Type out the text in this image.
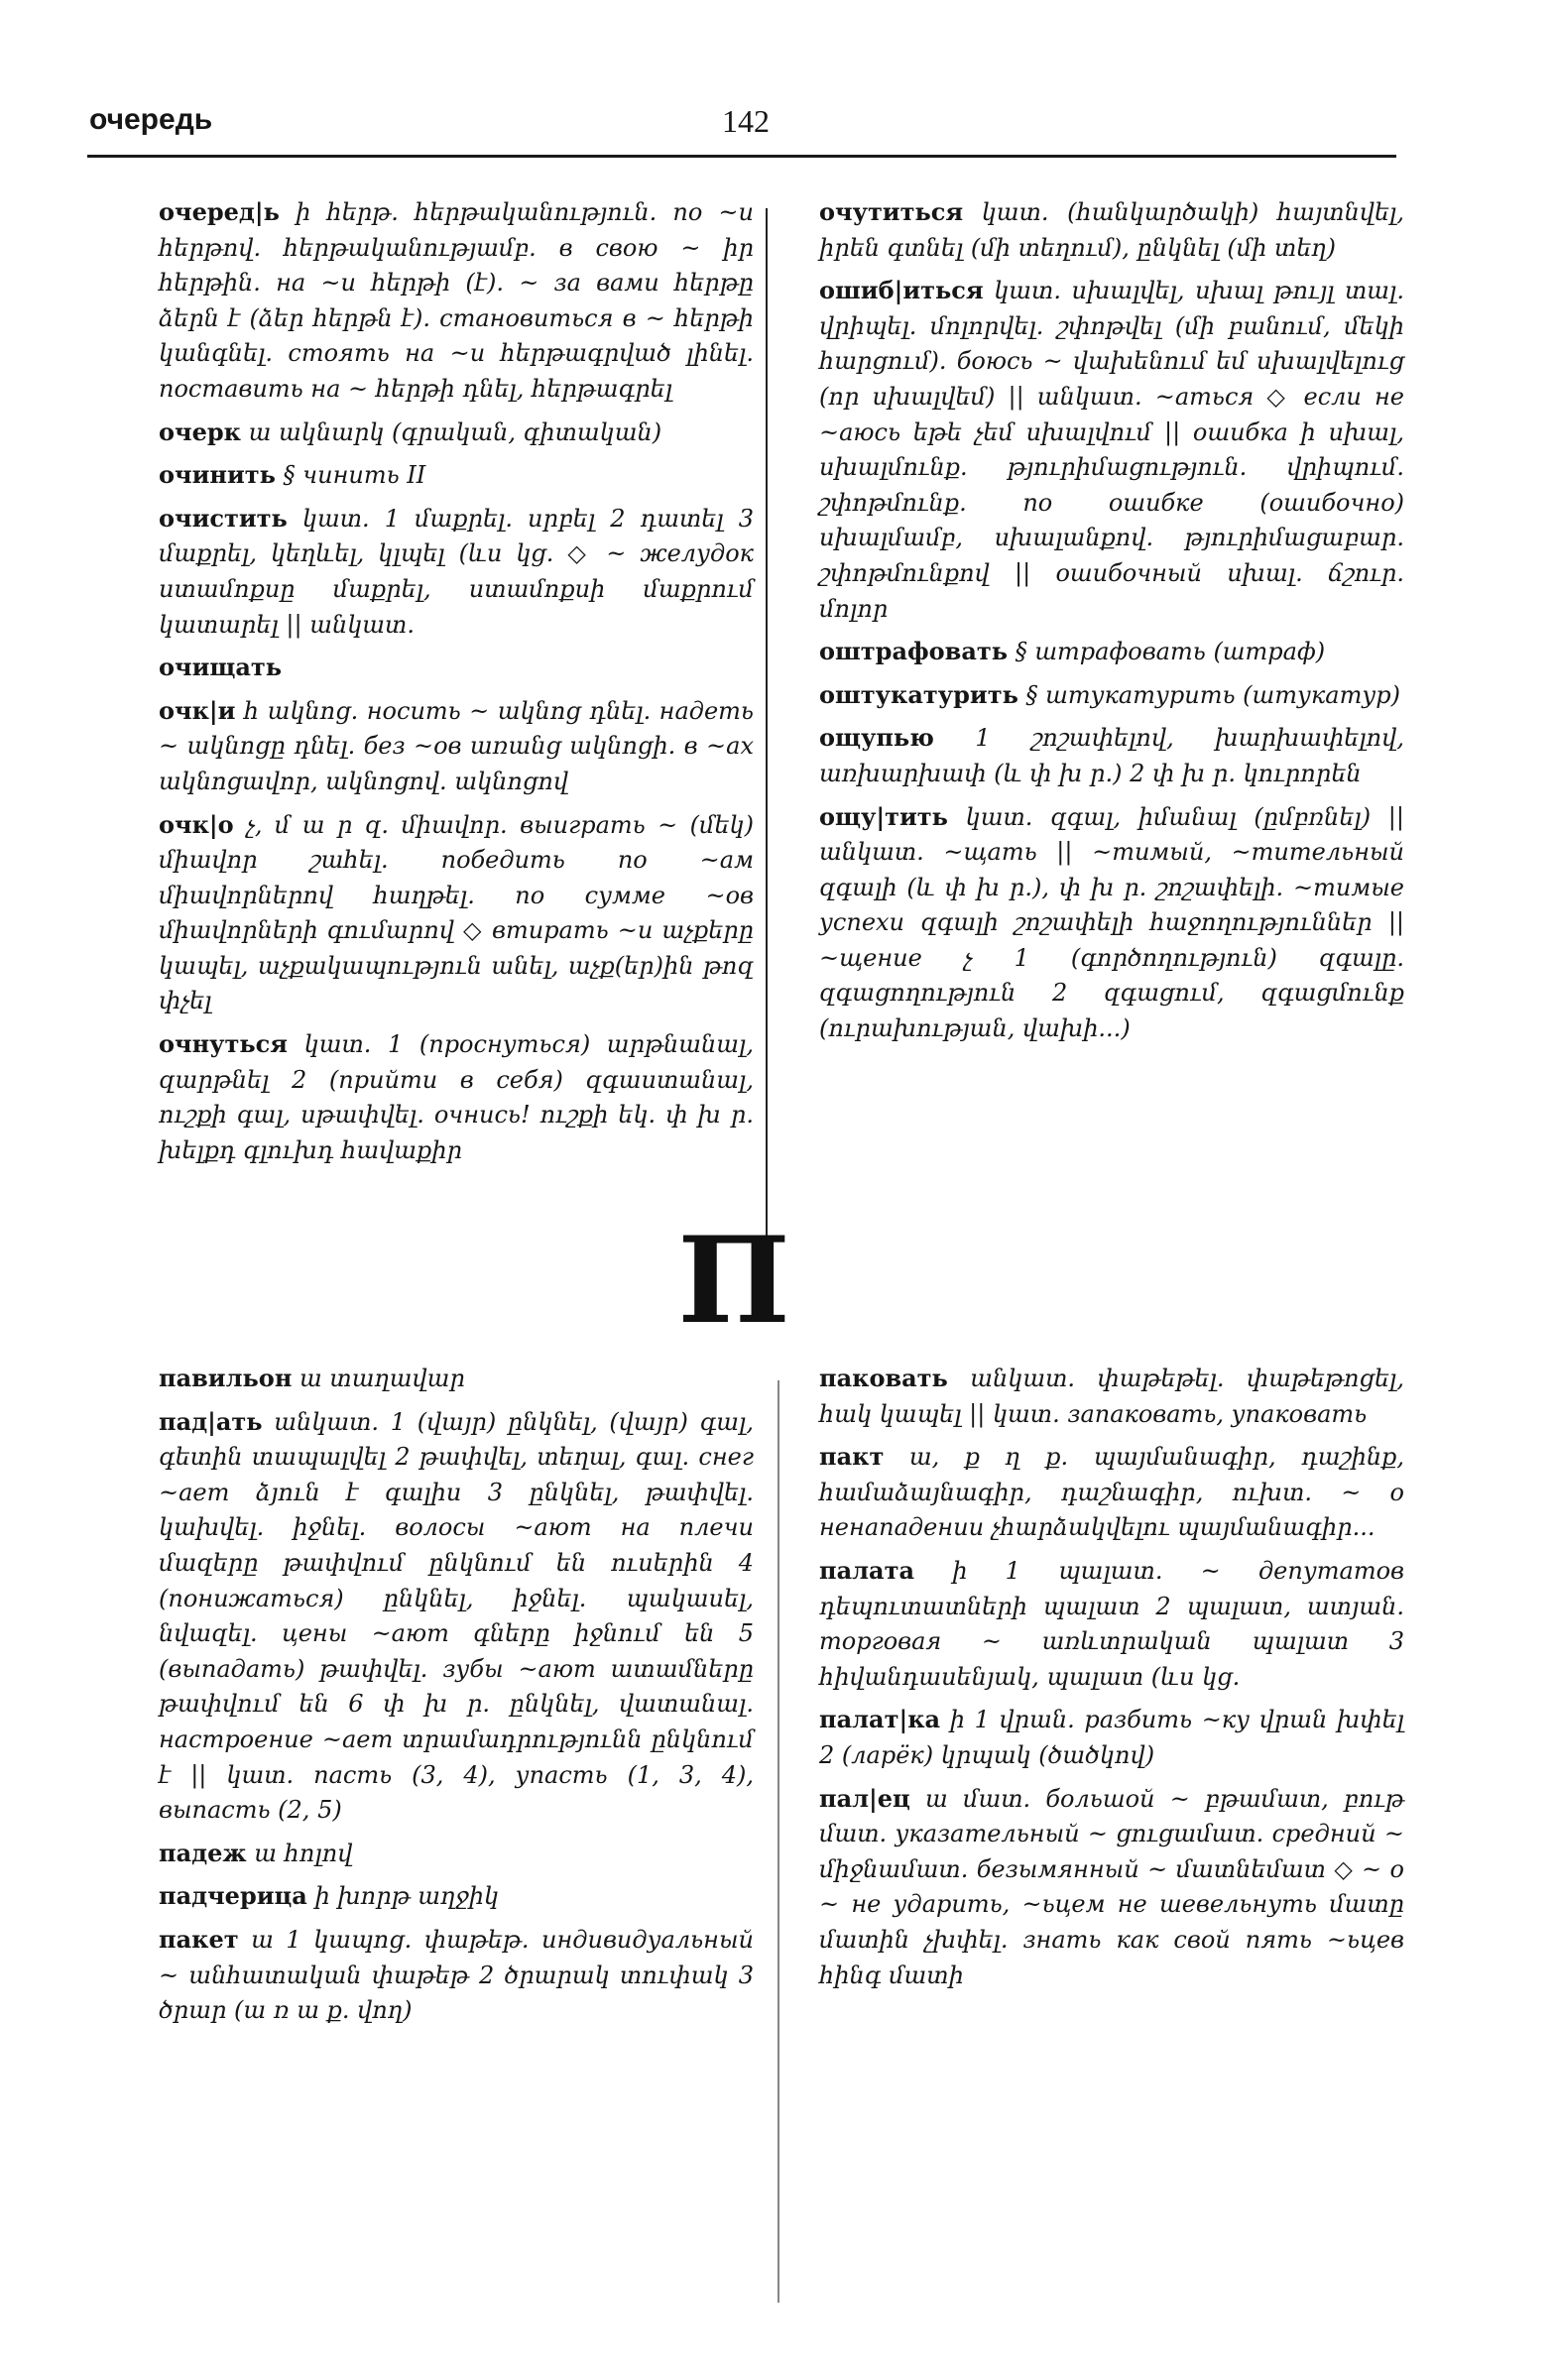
очередь	142

очеред|ь ի հերթ. հերթականություն. по ~и հերթով. հերթականությամբ. в свою ~ իր հերթին. на ~и հերթի (է). ~ за вами հերթը ձերն է (ձեր հերթն է). становиться в ~ հերթի կանգնել. стоять на ~и հերթագրված լինել. поставить на ~ հերթի դնել, հերթագրել

очерк ա ակնարկ (գրական, գիտական)

очинить § чинить II

очистить կատ. 1 մաքրել. սրբել 2 դատել 3 մաքրել, կեղևել, կլպել (ևս կց. ◇ ~ желудок ստամոքսը մաքրել, ստամոքսի մաքրում կատարել || անկատ.

очищать

очк|и հ ակնոց. носить ~ ակնոց դնել. надеть ~ ակնոցը դնել. без ~ов առանց ակնոցի. в ~ах ակնոցավոր, ակնոցով. ակնոցով

очк|о չ, մ ա ր զ. միավոր. выиграть ~ (մեկ) միավոր շահել. победить по ~ам միավորներով հաղթել. по сумме ~ов միավորների գումարով ◇ втирать ~и աչքերը կապել, աչքակապություն անել, աչք(եր)ին թոզ փչել

очнуться կատ. 1 (проснуться) արթնանալ, զարթնել 2 (прийти в себя) զգաստանալ, ուշքի գալ, սթափվել. очнись! ուշքի եկ. փ խ ր. խելքդ գլուխդ հավաքիր

очутиться կատ. (հանկարծակի) հայտնվել, իրեն գտնել (մի տեղում), ընկնել (մի տեղ)

ошиб|иться կատ. սխալվել, սխալ թույլ տալ. վրիպել. մոլորվել. շփոթվել (մի բանում, մեկի հարցում). боюсь ~ վախենում եմ սխալվելուց (որ սխալվեմ) || անկատ. ~аться ◇ если не ~аюсь եթե չեմ սխալվում || ошибка ի սխալ, սխալմունք. թյուրիմացություն. վրիպում. շփոթմունք. по ошибке (ошибочно) սխալմամբ, սխալանքով. թյուրիմացաբար. շփոթմունքով || ошибочный սխալ. ճշուր. մոլոր

оштрафовать § штрафовать (штраф)

оштукатурить § штукатурить (штукатур)

ощупью 1 շոշափելով, խարխափելով, առխարխափ (և փ խ ր.) 2 փ խ ր. կուրորեն

ощу|тить կատ. զգալ, իմանալ (ըմբռնել) || անկատ. ~щать || ~тимый, ~тительный զգալի (և փ խ ր.), փ խ ր. շոշափելի. ~тимые успехи զգալի շոշափելի հաջողություններ || ~щение չ 1 (գործողություն) զգալը. զգացողություն 2 զգացում, զգացմունք (ուրախության, վախի...)

П

павильон ա տաղավար

пад|ать անկատ. 1 (վայր) ընկնել, (վայր) գալ, գետին տապալվել 2 թափվել, տեղալ, գալ. снег ~ает ձյուն է գալիս 3 ընկնել, թափվել. կախվել. իջնել. волосы ~ают на плечи մազերը թափվում ընկնում են ուսերին 4 (понижаться) ընկնել, իջնել. պակասել, նվազել. цены ~ают գները իջնում են 5 (выпадать) թափվել. зубы ~ают ատամները թափվում են 6 փ խ ր. ընկնել, վատանալ. настроение ~ает տրամադրությունն ընկնում է || կատ. пасть (3, 4), упасть (1, 3, 4), выпасть (2, 5)

падеж ա հոլով

падчерица ի խորթ աղջիկ

пакет ա 1 կապոց. փաթեթ. индивидуальный ~ անհատական փաթեթ 2 ծրարակ տուփակ 3 ծրար (ա ռ ա ք. վող)

паковать անկատ. փաթեթել. փաթեթոցել, հակ կապել || կատ. запаковать, упаковать

пакт ա, ք ղ ք. պայմանագիր, դաշինք, համաձայնագիր, դաշնագիր, ուխտ. ~ о ненападении չհարձակվելու պայմանագիր...

палата ի 1 պալատ. ~ депутатов դեպուտատների պալատ 2 պալատ, ատյան. торговая ~ առևտրական պալատ 3 հիվանդասենյակ, պալատ (ևս կց.

палат|ка ի 1 վրան. разбить ~ку վրան խփել 2 (ларёк) կրպակ (ծածկով)

пал|ец ա մատ. большой ~ բթամատ, բութ մատ. указательный ~ ցուցամատ. средний ~ միջնամատ. безымянный ~ մատնեմատ ◇ ~ о ~ не ударить, ~ьцем не шевельнуть մատը մատին չխփել. знать как свой пять ~ьцев հինգ մատի
